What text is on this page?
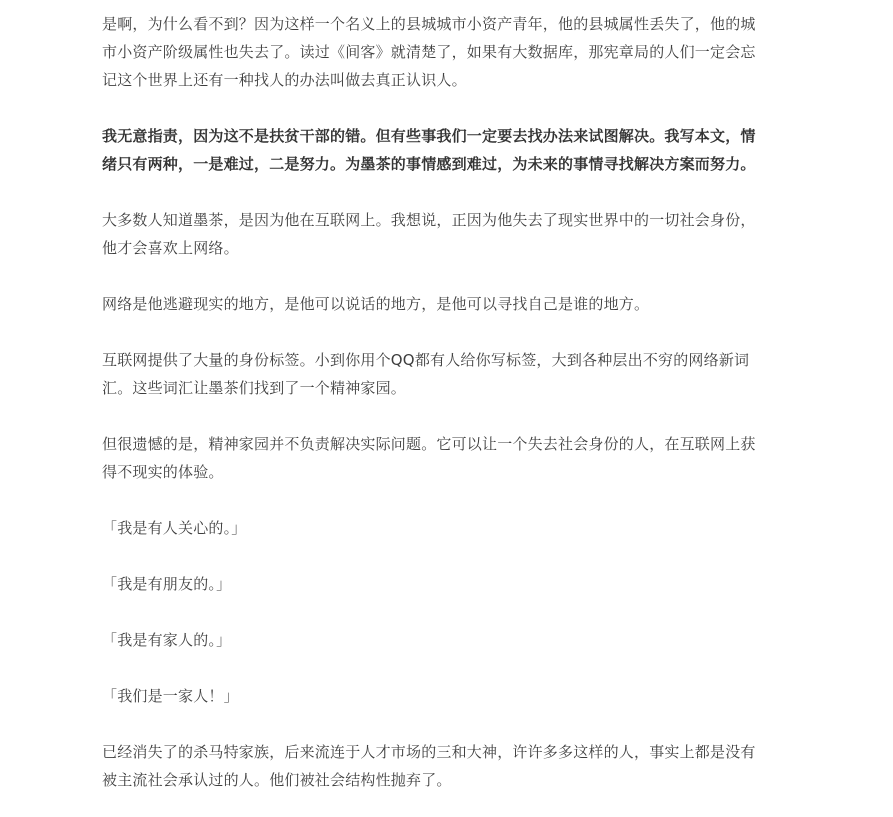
是啊，为什么看不到？因为这样一个名义上的县城城市小资产青年，他的县城属性丢失了，他的城
市小资产阶级属性也失去了。读过《间客》就清楚了，如果有大数据库，那宪章局的人们一定会忘
记这个世界上还有一种找人的办法叫做去真正认识人。

我无意指责，因为这不是扶贫干部的错。但有些事我们一定要去找办法来试图解决。我写本文，情
绪只有两种，一是难过，二是努力。为墨茶的事情感到难过，为未来的事情寻找解决方案而努力。

大多数人知道墨茶，是因为他在互联网上。我想说，正因为他失去了现实世界中的一切社会身份，
他才会喜欢上网络。

网络是他逃避现实的地方，是他可以说话的地方，是他可以寻找自己是谁的地方。

互联网提供了大量的身份标签。小到你用个QQ都有人给你写标签，大到各种层出不穷的网络新词
汇。这些词汇让墨茶们找到了一个精神家园。

但很遗憾的是，精神家园并不负责解决实际问题。它可以让一个失去社会身份的人，在互联网上获
得不现实的体验。

「我是有人关心的。」

「我是有朋友的。」

「我是有家人的。」

「我们是一家人！」

已经消失了的杀马特家族，后来流连于人才市场的三和大神，许许多多这样的人，事实上都是没有
被主流社会承认过的人。他们被社会结构性抛弃了。
